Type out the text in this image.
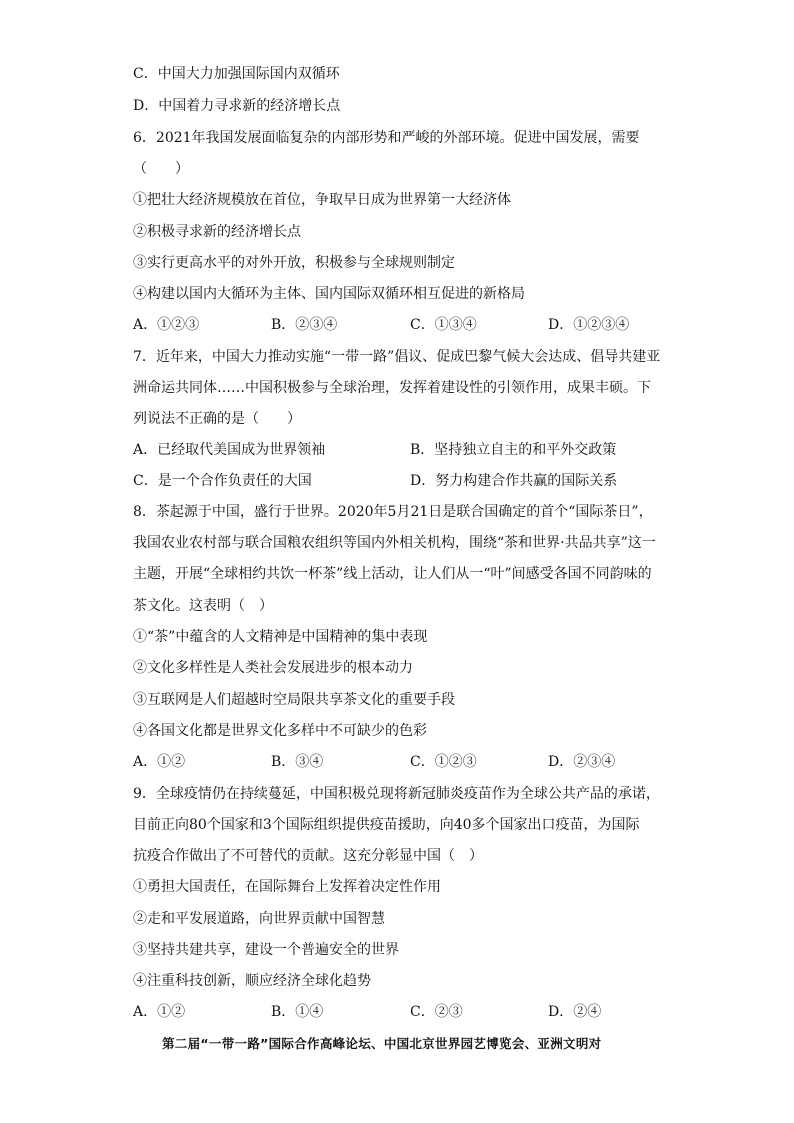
C．中国大力加强国际国内双循环
D．中国着力寻求新的经济增长点
6．2021年我国发展面临复杂的内部形势和严峻的外部环境。促进中国发展，需要
（　　）
①把壮大经济规模放在首位，争取早日成为世界第一大经济体
②积极寻求新的经济增长点
③实行更高水平的对外开放，积极参与全球规则制定
④构建以国内大循环为主体、国内国际双循环相互促进的新格局
A．①②③	B．②③④	C．①③④	D．①②③④
7．近年来，中国大力推动实施“一带一路”倡议、促成巴黎气候大会达成、倡导共建亚
洲命运共同体……中国积极参与全球治理，发挥着建设性的引领作用，成果丰硕。下
列说法不正确的是（　　）
A．已经取代美国成为世界领袖	B．坚持独立自主的和平外交政策
C．是一个合作负责任的大国	D．努力构建合作共赢的国际关系
8．茶起源于中国，盛行于世界。2020年5月21日是联合国确定的首个“国际茶日”，
我国农业农村部与联合国粮农组织等国内外相关机构，围绕“茶和世界·共品共享”这一
主题，开展“全球相约共饮一杯茶”线上活动，让人们从一“叶”间感受各国不同韵味的
茶文化。这表明（　）
①“茶”中蕴含的人文精神是中国精神的集中表现
②文化多样性是人类社会发展进步的根本动力
③互联网是人们超越时空局限共享茶文化的重要手段
④各国文化都是世界文化多样中不可缺少的色彩
A．①②	B．③④	C．①②③	D．②③④
9．全球疫情仍在持续蔓延，中国积极兑现将新冠肺炎疫苗作为全球公共产品的承诺，
目前正向80个国家和3个国际组织提供疫苗援助，向40多个国家出口疫苗，为国际
抗疫合作做出了不可替代的贡献。这充分彰显中国（　）
①勇担大国责任，在国际舞台上发挥着决定性作用
②走和平发展道路，向世界贡献中国智慧
③坚持共建共享，建设一个普遍安全的世界
④注重科技创新，顺应经济全球化趋势
A．①②	B．①④	C．②③	D．②④
第二届“一带一路”国际合作高峰论坛、中国北京世界园艺博览会、亚洲文明对
